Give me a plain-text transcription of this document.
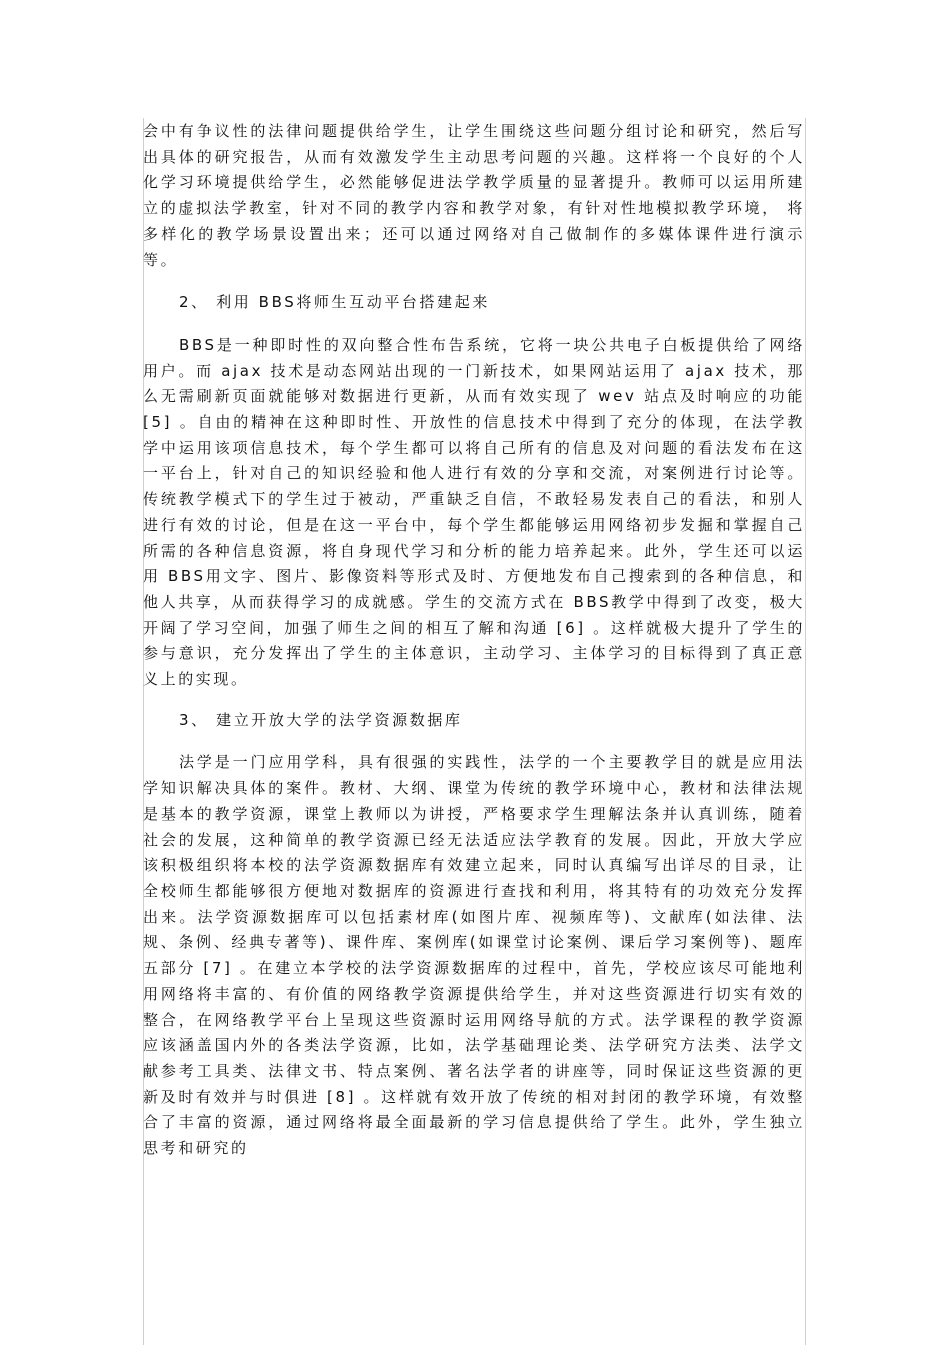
会中有争议性的法律问题提供给学生，让学生围绕这些问题分组讨论和研究，然后写出具体的研究报告，从而有效激发学生主动思考问题的兴趣。这样将一个良好的个人化学习环境提供给学生，必然能够促进法学教学质量的显著提升。教师可以运用所建立的虚拟法学教室，针对不同的教学内容和教学对象，有针对性地模拟教学环境， 将多样化的教学场景设置出来；还可以通过网络对自己做制作的多媒体课件进行演示等。

2、 利用 BBS将师生互动平台搭建起来

BBS是一种即时性的双向整合性布告系统，它将一块公共电子白板提供给了网络用户。而 ajax 技术是动态网站出现的一门新技术，如果网站运用了 ajax 技术，那么无需刷新页面就能够对数据进行更新，从而有效实现了 wev 站点及时响应的功能 [5] 。自由的精神在这种即时性、开放性的信息技术中得到了充分的体现，在法学教学中运用该项信息技术，每个学生都可以将自己所有的信息及对问题的看法发布在这一平台上，针对自己的知识经验和他人进行有效的分享和交流，对案例进行讨论等。传统教学模式下的学生过于被动，严重缺乏自信，不敢轻易发表自己的看法，和别人进行有效的讨论，但是在这一平台中，每个学生都能够运用网络初步发掘和掌握自己所需的各种信息资源，将自身现代学习和分析的能力培养起来。此外，学生还可以运用 BBS用文字、图片、影像资料等形式及时、方便地发布自己搜索到的各种信息，和他人共享，从而获得学习的成就感。学生的交流方式在 BBS教学中得到了改变，极大开阔了学习空间，加强了师生之间的相互了解和沟通 [6] 。这样就极大提升了学生的参与意识，充分发挥出了学生的主体意识，主动学习、主体学习的目标得到了真正意义上的实现。

3、 建立开放大学的法学资源数据库

法学是一门应用学科，具有很强的实践性，法学的一个主要教学目的就是应用法学知识解决具体的案件。教材、大纲、课堂为传统的教学环境中心，教材和法律法规是基本的教学资源，课堂上教师以为讲授，严格要求学生理解法条并认真训练，随着社会的发展，这种简单的教学资源已经无法适应法学教育的发展。因此，开放大学应该积极组织将本校的法学资源数据库有效建立起来，同时认真编写出详尽的目录，让全校师生都能够很方便地对数据库的资源进行查找和利用，将其特有的功效充分发挥出来。法学资源数据库可以包括素材库(如图片库、视频库等)、文献库(如法律、法规、条例、经典专著等)、课件库、案例库(如课堂讨论案例、课后学习案例等)、题库五部分 [7] 。在建立本学校的法学资源数据库的过程中，首先，学校应该尽可能地利用网络将丰富的、有价值的网络教学资源提供给学生，并对这些资源进行切实有效的整合，在网络教学平台上呈现这些资源时运用网络导航的方式。法学课程的教学资源应该涵盖国内外的各类法学资源，比如，法学基础理论类、法学研究方法类、法学文献参考工具类、法律文书、特点案例、著名法学者的讲座等，同时保证这些资源的更新及时有效并与时俱进 [8] 。这样就有效开放了传统的相对封闭的教学环境，有效整合了丰富的资源，通过网络将最全面最新的学习信息提供给了学生。此外，学生独立思考和研究的
